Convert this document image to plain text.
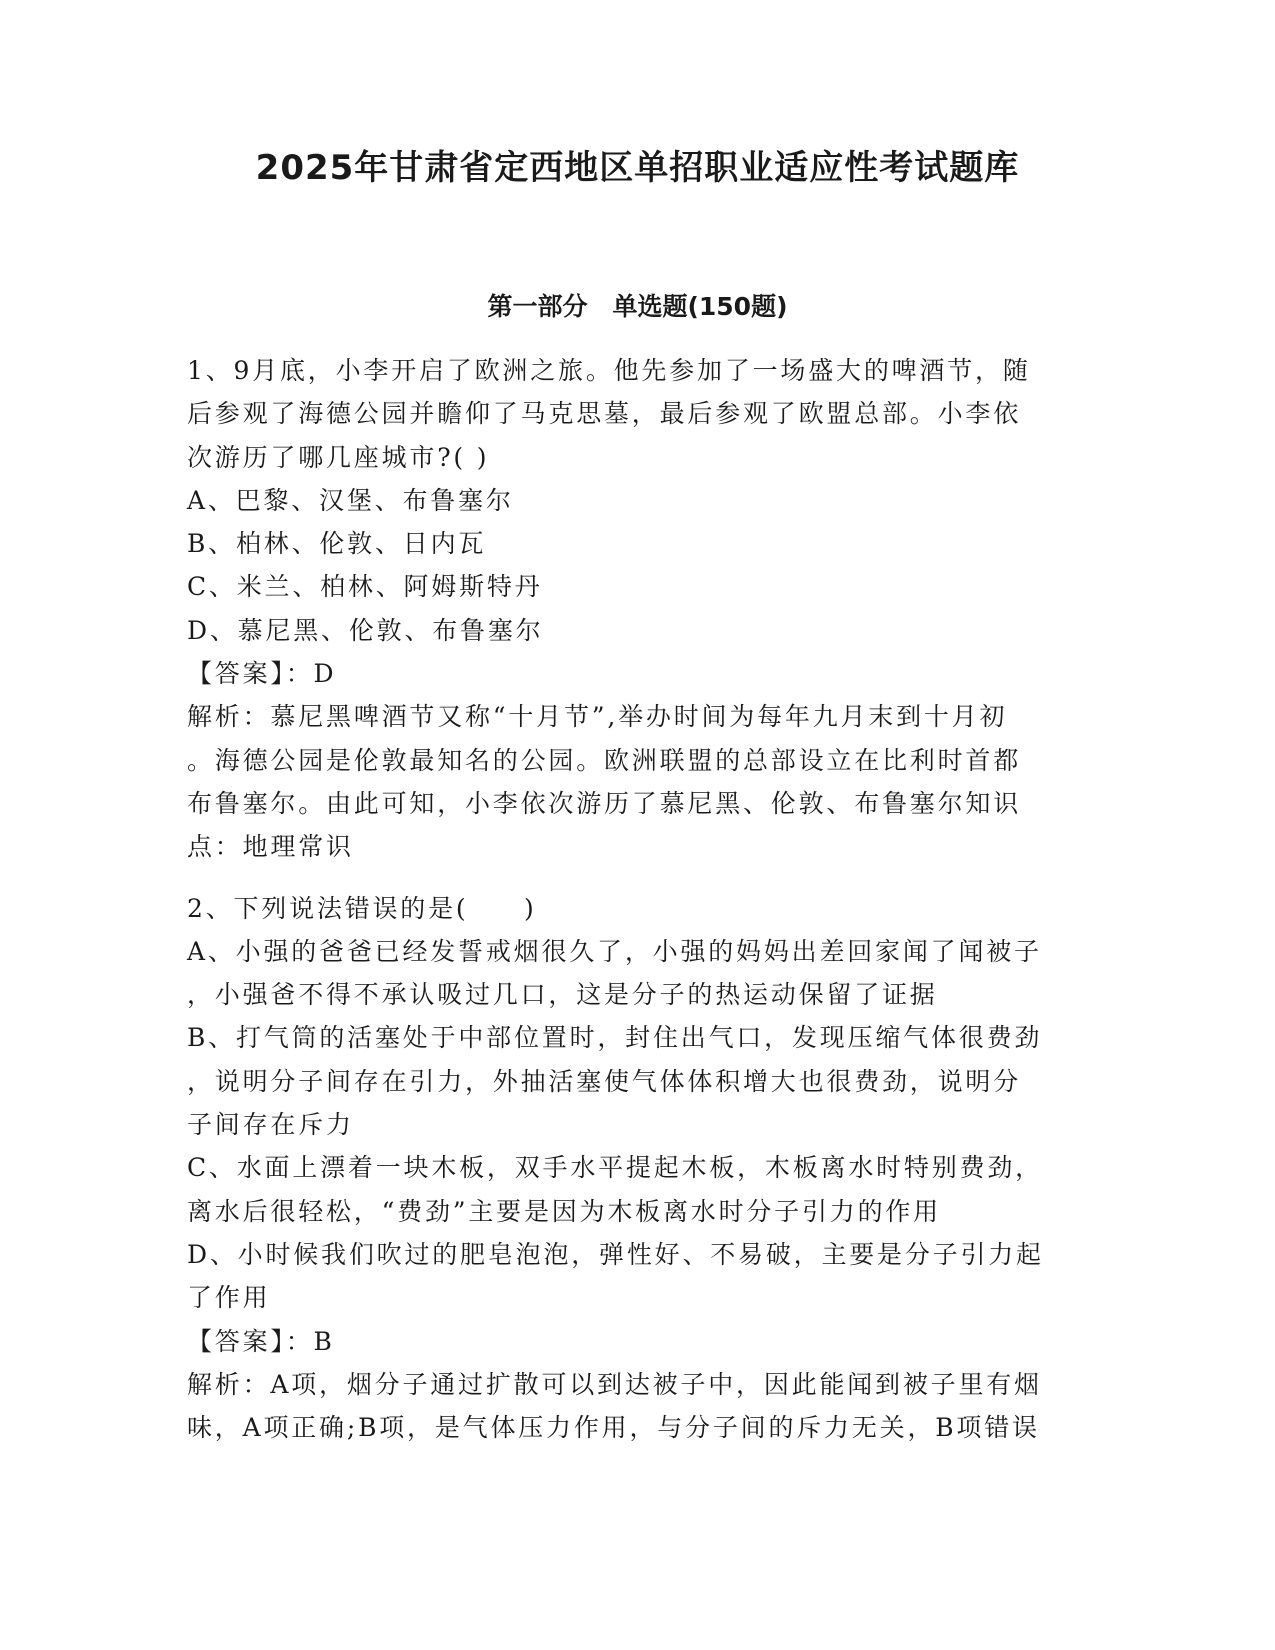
2025年甘肃省定西地区单招职业适应性考试题库
第一部分　单选题(150题)
1、9月底，小李开启了欧洲之旅。他先参加了一场盛大的啤酒节，随
后参观了海德公园并瞻仰了马克思墓，最后参观了欧盟总部。小李依
次游历了哪几座城市?( )
A、巴黎、汉堡、布鲁塞尔
B、柏林、伦敦、日内瓦
C、米兰、柏林、阿姆斯特丹
D、慕尼黑、伦敦、布鲁塞尔
【答案】：D
解析：慕尼黑啤酒节又称“十月节”,举办时间为每年九月末到十月初
。海德公园是伦敦最知名的公园。欧洲联盟的总部设立在比利时首都
布鲁塞尔。由此可知，小李依次游历了慕尼黑、伦敦、布鲁塞尔知识
点：地理常识
2、下列说法错误的是(　　)
A、小强的爸爸已经发誓戒烟很久了，小强的妈妈出差回家闻了闻被子
，小强爸不得不承认吸过几口，这是分子的热运动保留了证据
B、打气筒的活塞处于中部位置时，封住出气口，发现压缩气体很费劲
，说明分子间存在引力，外抽活塞使气体体积增大也很费劲，说明分
子间存在斥力
C、水面上漂着一块木板，双手水平提起木板，木板离水时特别费劲，
离水后很轻松，“费劲”主要是因为木板离水时分子引力的作用
D、小时候我们吹过的肥皂泡泡，弹性好、不易破，主要是分子引力起
了作用
【答案】：B
解析：A项，烟分子通过扩散可以到达被子中，因此能闻到被子里有烟
味，A项正确;B项，是气体压力作用，与分子间的斥力无关，B项错误
